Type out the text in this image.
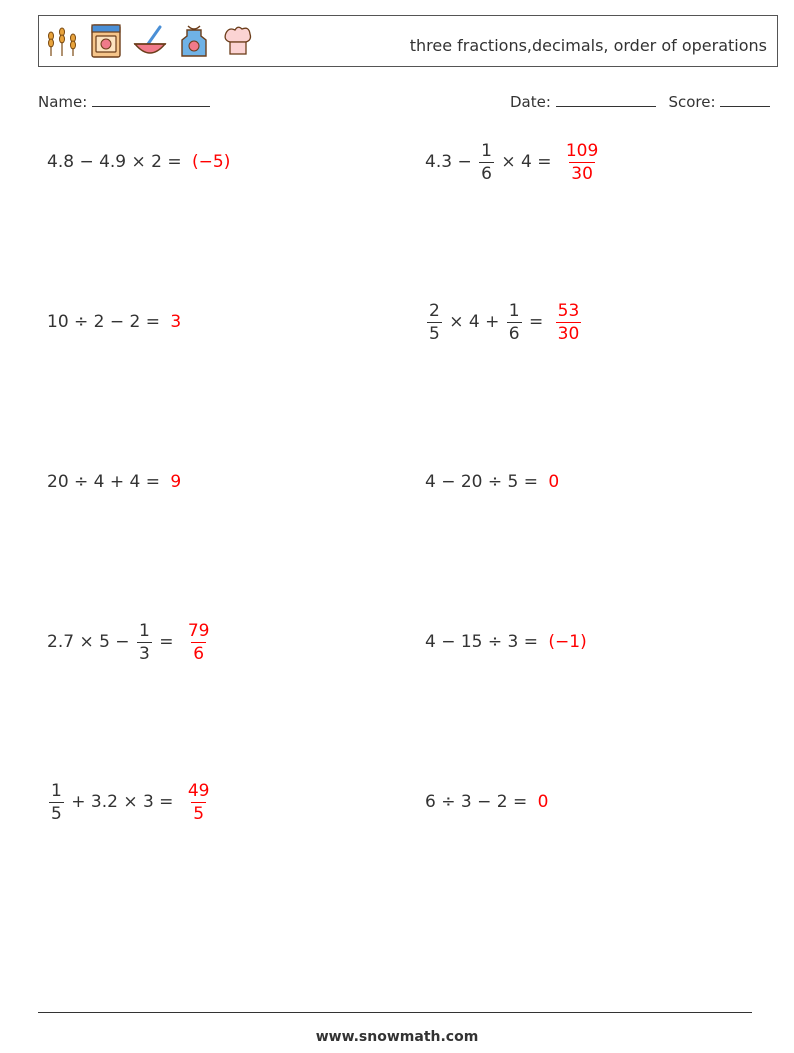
three fractions,decimals, order of operations
Name:	Date:	Score:
4.8 − 4.9 × 2 = (−5)	$4.3 - \frac{1}{6} \times 4 = \frac{109}{30}$
10 ÷ 2 − 2 = 3	$\frac{2}{5} \times 4 + \frac{1}{6} = \frac{53}{30}$
20 ÷ 4 + 4 = 9	4 − 20 ÷ 5 = 0
$2.7 \times 5 - \frac{1}{3} = \frac{79}{6}$	4 − 15 ÷ 3 = (−1)
$\frac{1}{5} + 3.2 \times 3 = \frac{49}{5}$	6 ÷ 3 − 2 = 0
www.snowmath.com
